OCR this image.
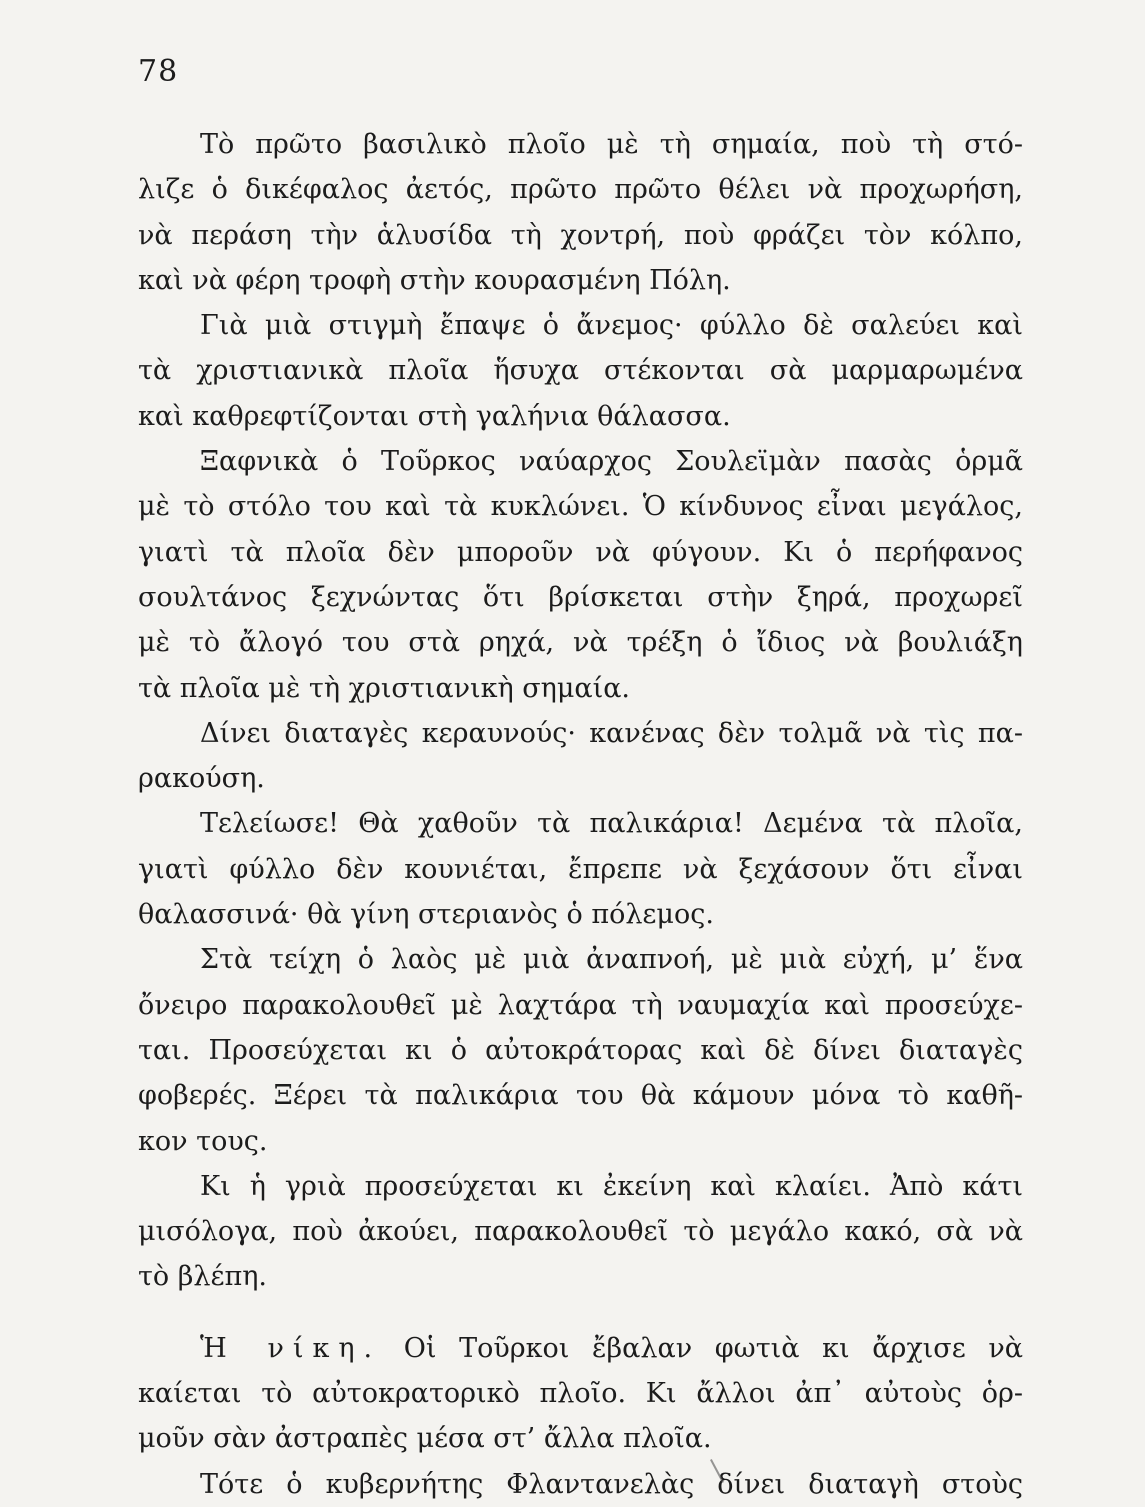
78

Τὸ πρῶτο βασιλικὸ πλοῖο μὲ τὴ σημαία, ποὺ τὴ στό-
λιζε ὁ δικέφαλος ἀετός, πρῶτο πρῶτο θέλει νὰ προχωρήση,
νὰ περάση τὴν ἁλυσίδα τὴ χοντρή, ποὺ φράζει τὸν κόλπο,
καὶ νὰ φέρη τροφὴ στὴν κουρασμένη Πόλη.

Γιὰ μιὰ στιγμὴ ἔπαψε ὁ ἄνεμος· φύλλο δὲ σαλεύει καὶ
τὰ χριστιανικὰ πλοῖα ἥσυχα στέκονται σὰ μαρμαρωμένα
καὶ καθρεφτίζονται στὴ γαλήνια θάλασσα.

Ξαφνικὰ ὁ Τοῦρκος ναύαρχος Σουλεϊμὰν πασὰς ὁρμᾶ
μὲ τὸ στόλο του καὶ τὰ κυκλώνει. Ὁ κίνδυνος εἶναι μεγάλος,
γιατὶ τὰ πλοῖα δὲν μποροῦν νὰ φύγουν. Κι ὁ περήφανος
σουλτάνος ξεχνώντας ὅτι βρίσκεται στὴν ξηρά, προχωρεῖ
μὲ τὸ ἄλογό του στὰ ρηχά, νὰ τρέξη ὁ ἴδιος νὰ βουλιάξη
τὰ πλοῖα μὲ τὴ χριστιανικὴ σημαία.

Δίνει διαταγὲς κεραυνούς· κανένας δὲν τολμᾶ νὰ τὶς πα-
ρακούση.

Τελείωσε! Θὰ χαθοῦν τὰ παλικάρια! Δεμένα τὰ πλοῖα,
γιατὶ φύλλο δὲν κουνιέται, ἔπρεπε νὰ ξεχάσουν ὅτι εἶναι
θαλασσινά· θὰ γίνη στεριανὸς ὁ πόλεμος.

Στὰ τείχη ὁ λαὸς μὲ μιὰ ἀναπνοή, μὲ μιὰ εὐχή, μ’ ἕνα
ὄνειρο παρακολουθεῖ μὲ λαχτάρα τὴ ναυμαχία καὶ προσεύχε-
ται. Προσεύχεται κι ὁ αὐτοκράτορας καὶ δὲ δίνει διαταγὲς
φοβερές. Ξέρει τὰ παλικάρια του θὰ κάμουν μόνα τὸ καθῆ-
κον τους.

Κι ἡ γριὰ προσεύχεται κι ἐκείνη καὶ κλαίει. Ἀπὸ κάτι
μισόλογα, ποὺ ἀκούει, παρακολουθεῖ τὸ μεγάλο κακό, σὰ νὰ
τὸ βλέπη.

Ἡ νίκη. Οἱ Τοῦρκοι ἔβαλαν φωτιὰ κι ἄρχισε νὰ
καίεται τὸ αὐτοκρατορικὸ πλοῖο. Κι ἄλλοι ἀπ᾿ αὐτοὺς ὁρ-
μοῦν σὰν ἀστραπὲς μέσα στ’ ἄλλα πλοῖα.

Τότε ὁ κυβερνήτης Φλαντανελὰς δίνει διαταγὴ στοὺς
